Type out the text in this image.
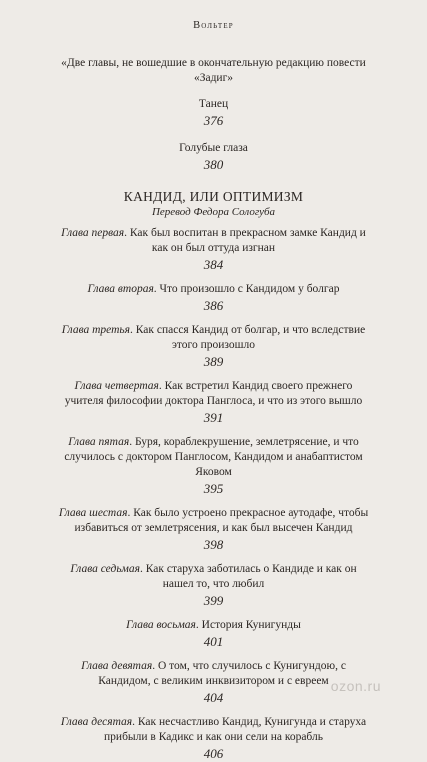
Вольтер
«Две главы, не вошедшие в окончательную редакцию повести «Задиг»
Танец
376
Голубые глаза
380
КАНДИД, ИЛИ ОПТИМИЗМ
Перевод Федора Сологуба
Глава первая. Как был воспитан в прекрасном замке Кандид и как он был оттуда изгнан
384
Глава вторая. Что произошло с Кандидом у болгар
386
Глава третья. Как спасся Кандид от болгар, и что вследствие этого произошло
389
Глава четвертая. Как встретил Кандид своего прежнего учителя философии доктора Панглоса, и что из этого вышло
391
Глава пятая. Буря, кораблекрушение, землетрясение, и что случилось с доктором Панглосом, Кандидом и анабаптистом Яковом
395
Глава шестая. Как было устроено прекрасное аутодафе, чтобы избавиться от землетрясения, и как был высечен Кандид
398
Глава седьмая. Как старуха заботилась о Кандиде и как он нашел то, что любил
399
Глава восьмая. История Кунигунды
401
Глава девятая. О том, что случилось с Кунигундою, с Кандидом, с великим инквизитором и с евреем
404
Глава десятая. Как несчастливо Кандид, Кунигунда и старуха прибыли в Кадикс и как они сели на корабль
406
ozon.ru
